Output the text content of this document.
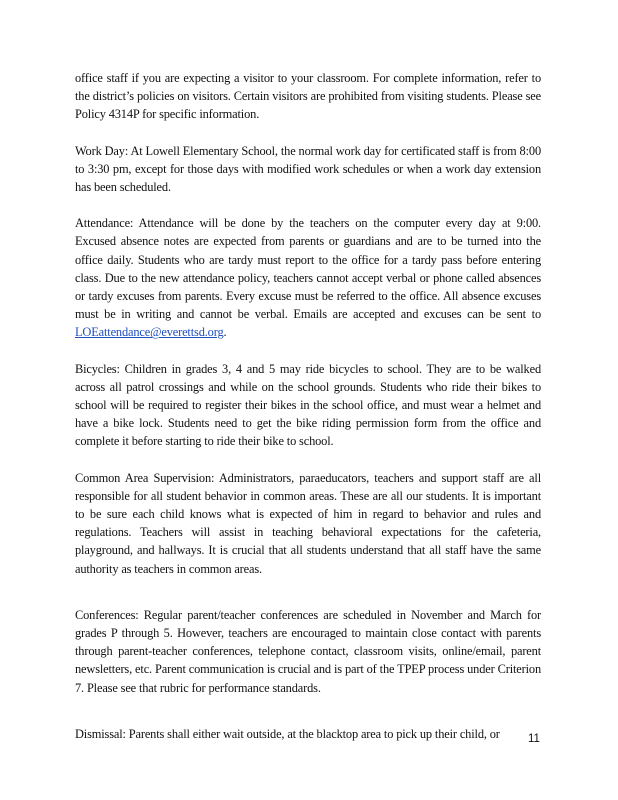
office staff if you are expecting a visitor to your classroom. For complete information, refer to the district’s policies on visitors. Certain visitors are prohibited from visiting students. Please see Policy 4314P for specific information.

Work Day: At Lowell Elementary School, the normal work day for certificated staff is from 8:00 to 3:30 pm, except for those days with modified work schedules or when a work day extension has been scheduled.

Attendance: Attendance will be done by the teachers on the computer every day at 9:00. Excused absence notes are expected from parents or guardians and are to be turned into the office daily. Students who are tardy must report to the office for a tardy pass before entering class. Due to the new attendance policy, teachers cannot accept verbal or phone called absences or tardy excuses from parents. Every excuse must be referred to the office. All absence excuses must be in writing and cannot be verbal. Emails are accepted and excuses can be sent to LOEattendance@everettsd.org.

Bicycles: Children in grades 3, 4 and 5 may ride bicycles to school. They are to be walked across all patrol crossings and while on the school grounds. Students who ride their bikes to school will be required to register their bikes in the school office, and must wear a helmet and have a bike lock. Students need to get the bike riding permission form from the office and complete it before starting to ride their bike to school.

Common Area Supervision: Administrators, paraeducators, teachers and support staff are all responsible for all student behavior in common areas. These are all our students. It is important to be sure each child knows what is expected of him in regard to behavior and rules and regulations. Teachers will assist in teaching behavioral expectations for the cafeteria, playground, and hallways. It is crucial that all students understand that all staff have the same authority as teachers in common areas.

Conferences: Regular parent/teacher conferences are scheduled in November and March for grades P through 5. However, teachers are encouraged to maintain close contact with parents through parent-teacher conferences, telephone contact, classroom visits, online/email, parent newsletters, etc. Parent communication is crucial and is part of the TPEP process under Criterion 7. Please see that rubric for performance standards.

Dismissal: Parents shall either wait outside, at the blacktop area to pick up their child, or	11
